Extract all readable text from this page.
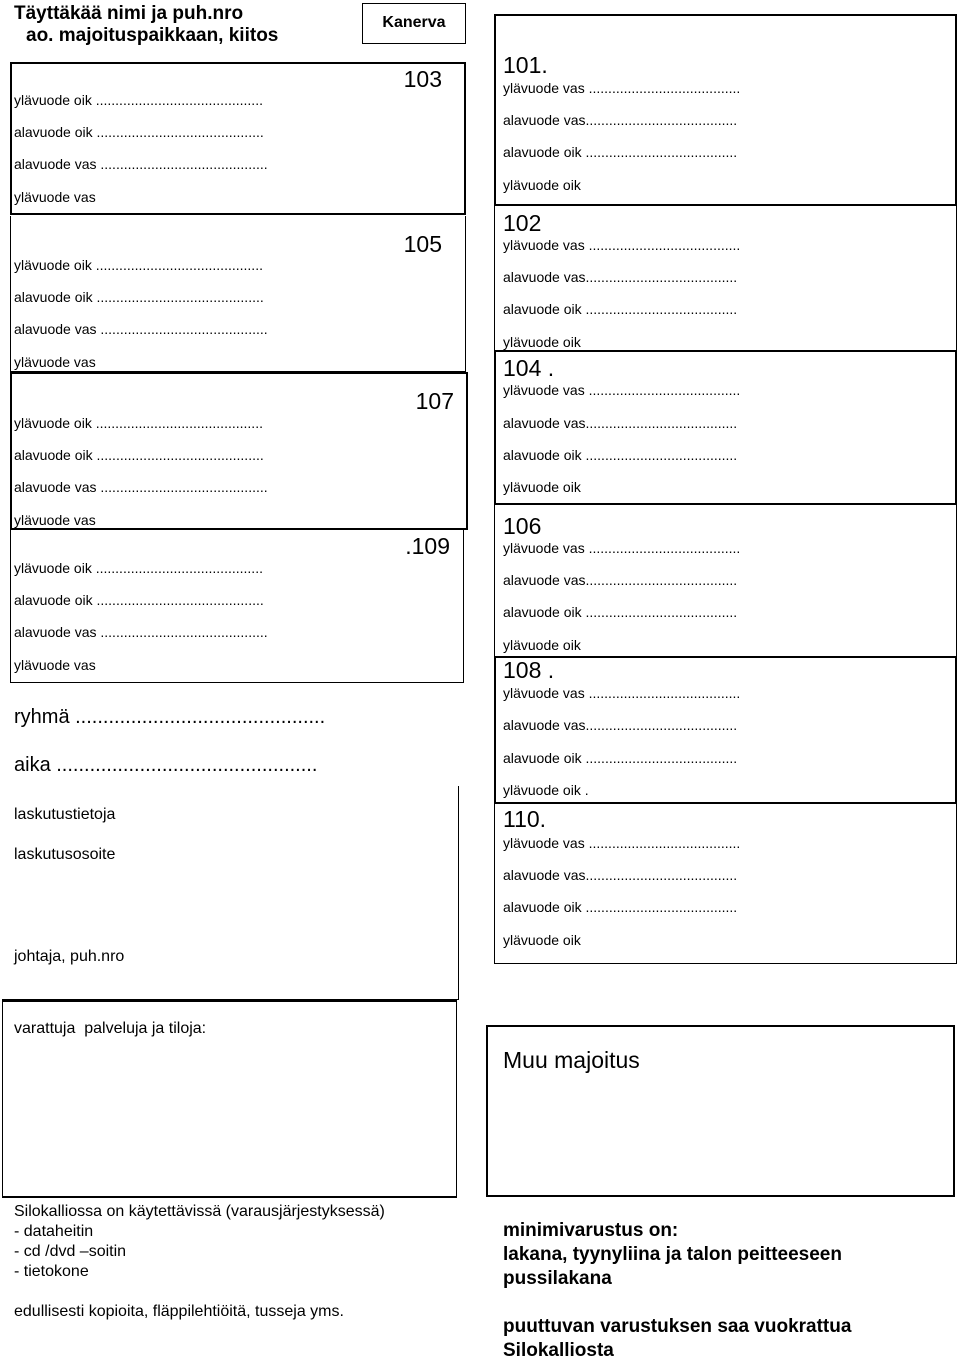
Täyttäkää nimi ja puh.nro
ao. majoituspaikkaan, kiitos
Kanerva
103
ylävuode oik ...........................................
alavuode oik ...........................................
alavuode vas ...........................................
ylävuode vas
105
ylävuode oik ...........................................
alavuode oik ...........................................
alavuode vas ...........................................
ylävuode vas
107
ylävuode oik ...........................................
alavuode oik ...........................................
alavuode vas ...........................................
ylävuode vas
.109
ylävuode oik ...........................................
alavuode oik ...........................................
alavuode vas ...........................................
ylävuode vas
101.
ylävuode vas .......................................
alavuode vas.......................................
alavuode oik .......................................
ylävuode oik
102
ylävuode vas .......................................
alavuode vas.......................................
alavuode oik .......................................
ylävuode oik
104 .
ylävuode vas .......................................
alavuode vas.......................................
alavuode oik .......................................
ylävuode oik
106
ylävuode vas .......................................
alavuode vas.......................................
alavuode oik .......................................
ylävuode oik
108 .
ylävuode vas .......................................
alavuode vas.......................................
alavuode oik .......................................
ylävuode oik .
110.
ylävuode vas .......................................
alavuode vas.......................................
alavuode oik .......................................
ylävuode oik
ryhmä .............................................
aika ...............................................
laskutustietoja
laskutusosoite
johtaja, puh.nro
varattuja  palveluja ja tiloja:
Muu majoitus
Silokalliossa on käytettävissä (varausjärjestyksessä)
- dataheitin
- cd /dvd –soitin
- tietokone
edullisesti kopioita, fläppilehtiöitä, tusseja yms.
minimivarustus on:
lakana, tyynyliina ja talon peitteeseen
pussilakana
puuttuvan varustuksen saa vuokrattua
Silokalliosta
